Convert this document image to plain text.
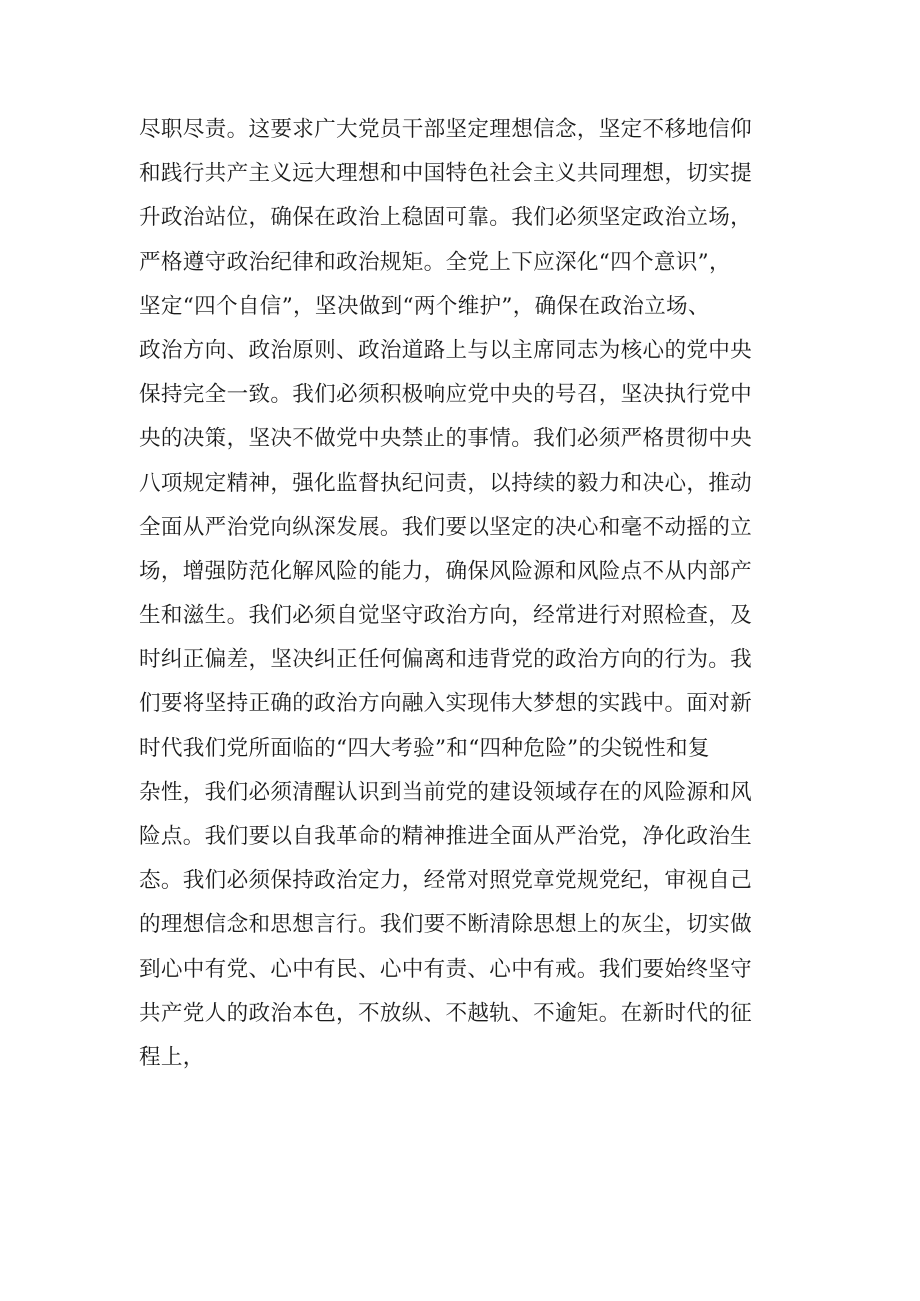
尽职尽责。这要求广大党员干部坚定理想信念，坚定不移地信仰
和践行共产主义远大理想和中国特色社会主义共同理想，切实提
升政治站位，确保在政治上稳固可靠。我们必须坚定政治立场，
严格遵守政治纪律和政治规矩。全党上下应深化“四个意识”，
坚定“四个自信”，坚决做到“两个维护”，确保在政治立场、
政治方向、政治原则、政治道路上与以主席同志为核心的党中央
保持完全一致。我们必须积极响应党中央的号召，坚决执行党中
央的决策，坚决不做党中央禁止的事情。我们必须严格贯彻中央
八项规定精神，强化监督执纪问责，以持续的毅力和决心，推动
全面从严治党向纵深发展。我们要以坚定的决心和毫不动摇的立
场，增强防范化解风险的能力，确保风险源和风险点不从内部产
生和滋生。我们必须自觉坚守政治方向，经常进行对照检查，及
时纠正偏差，坚决纠正任何偏离和违背党的政治方向的行为。我
们要将坚持正确的政治方向融入实现伟大梦想的实践中。面对新
时代我们党所面临的“四大考验”和“四种危险”的尖锐性和复
杂性，我们必须清醒认识到当前党的建设领域存在的风险源和风
险点。我们要以自我革命的精神推进全面从严治党，净化政治生
态。我们必须保持政治定力，经常对照党章党规党纪，审视自己
的理想信念和思想言行。我们要不断清除思想上的灰尘，切实做
到心中有党、心中有民、心中有责、心中有戒。我们要始终坚守
共产党人的政治本色，不放纵、不越轨、不逾矩。在新时代的征
程上，
